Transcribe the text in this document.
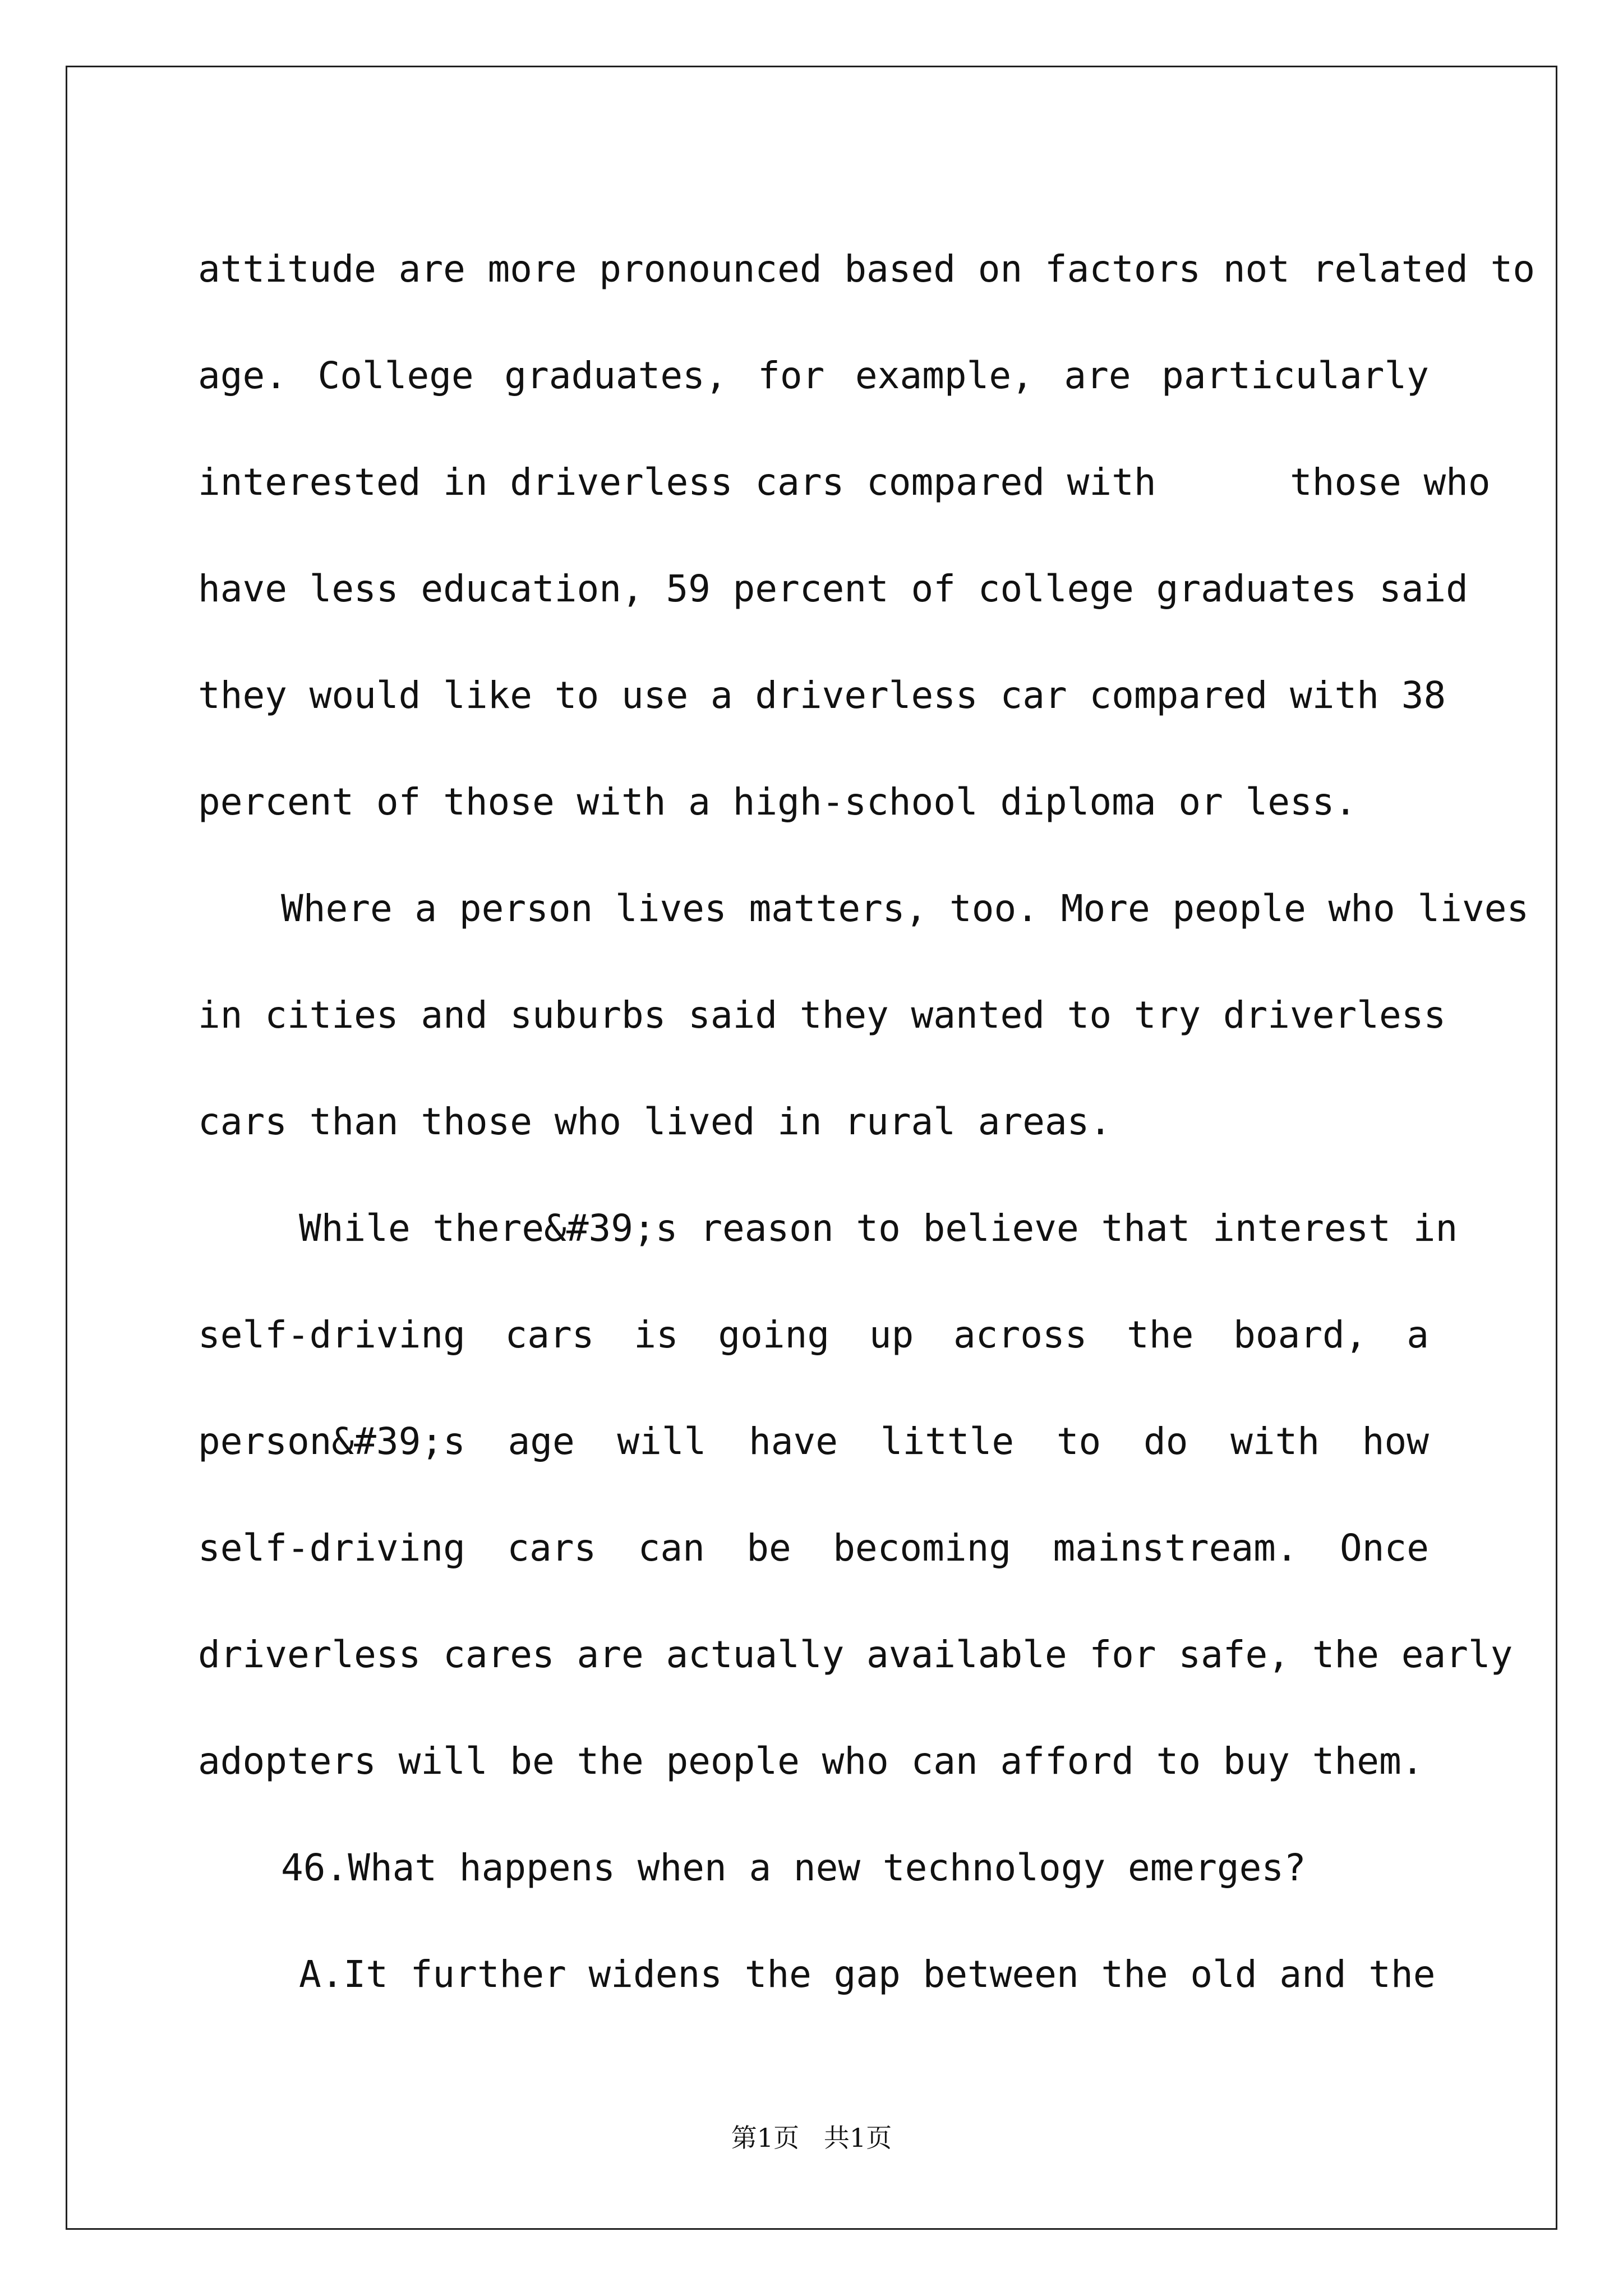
attitude are more pronounced based on factors not related to
age. College graduates, for example, are particularly
interested in driverless cars compared with      those who
have less education, 59 percent of college graduates said
they would like to use a driverless car compared with 38
percent of those with a high-school diploma or less.
Where a person lives matters, too. More people who lives
in cities and suburbs said they wanted to try driverless
cars than those who lived in rural areas.
While there&#39;s reason to believe that interest in
self-driving cars is going up across the board, a
person&#39;s age will have little to do with how
self-driving cars can be becoming mainstream. Once
driverless cares are actually available for safe, the early
adopters will be the people who can afford to buy them.
46.What happens when a new technology emerges?
A.It further widens the gap between the old and the
第1页   共1页
